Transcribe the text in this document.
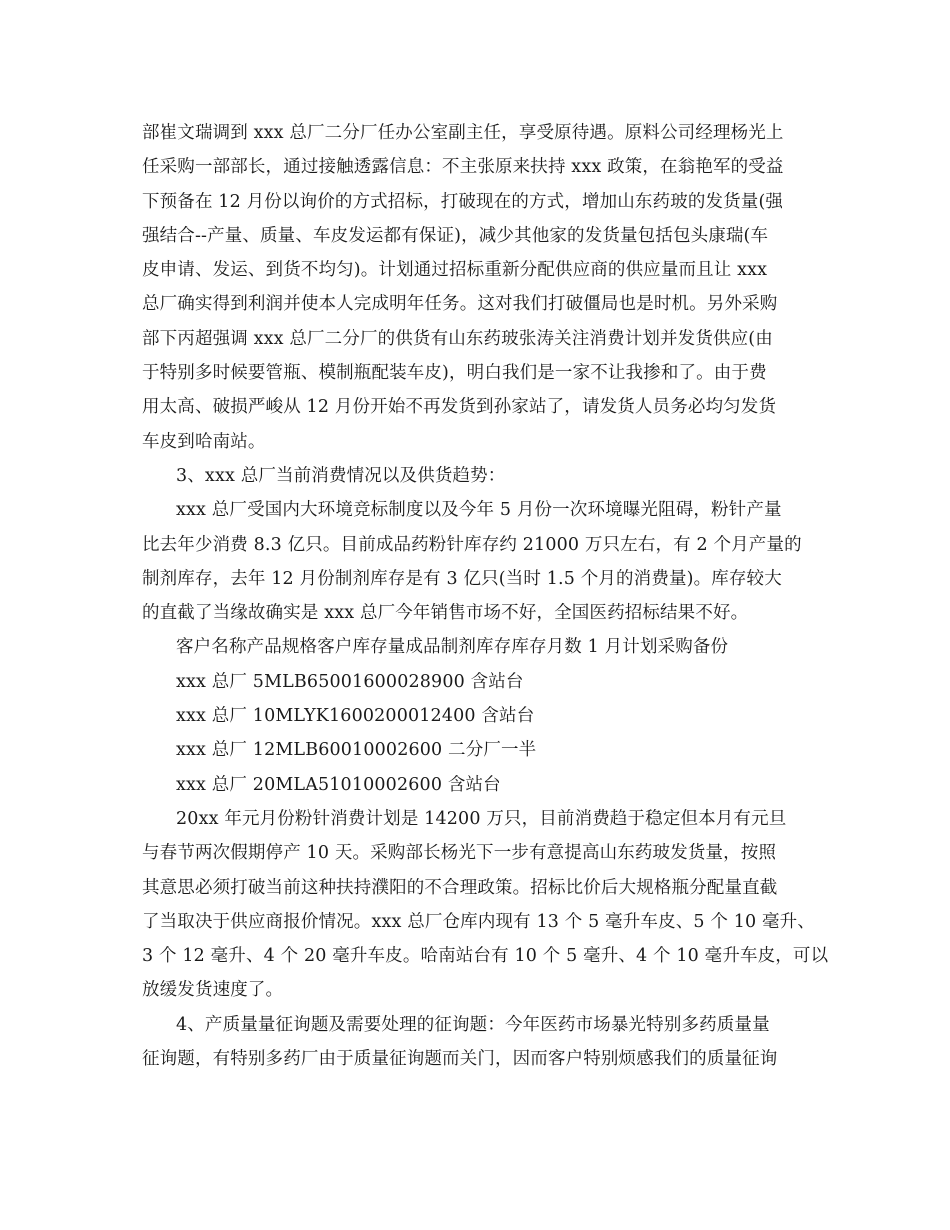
部崔文瑞调到 xxx 总厂二分厂任办公室副主任，享受原待遇。原料公司经理杨光上
任采购一部部长，通过接触透露信息：不主张原来扶持 xxx 政策，在翁艳军的受益
下预备在 12 月份以询价的方式招标，打破现在的方式，增加山东药玻的发货量(强
强结合--产量、质量、车皮发运都有保证)，减少其他家的发货量包括包头康瑞(车
皮申请、发运、到货不均匀)。计划通过招标重新分配供应商的供应量而且让 xxx
总厂确实得到利润并使本人完成明年任务。这对我们打破僵局也是时机。另外采购
部下丙超强调 xxx 总厂二分厂的供货有山东药玻张涛关注消费计划并发货供应(由
于特别多时候要管瓶、模制瓶配装车皮)，明白我们是一家不让我掺和了。由于费
用太高、破损严峻从 12 月份开始不再发货到孙家站了，请发货人员务必均匀发货
车皮到哈南站。
3、xxx 总厂当前消费情况以及供货趋势：
xxx 总厂受国内大环境竞标制度以及今年 5 月份一次环境曝光阻碍，粉针产量
比去年少消费 8.3 亿只。目前成品药粉针库存约 21000 万只左右，有 2 个月产量的
制剂库存，去年 12 月份制剂库存是有 3 亿只(当时 1.5 个月的消费量)。库存较大
的直截了当缘故确实是 xxx 总厂今年销售市场不好，全国医药招标结果不好。
客户名称产品规格客户库存量成品制剂库存库存月数 1 月计划采购备份
xxx 总厂 5MLB65001600028900 含站台
xxx 总厂 10MLYK1600200012400 含站台
xxx 总厂 12MLB60010002600 二分厂一半
xxx 总厂 20MLA51010002600 含站台
20xx 年元月份粉针消费计划是 14200 万只，目前消费趋于稳定但本月有元旦
与春节两次假期停产 10 天。采购部长杨光下一步有意提高山东药玻发货量，按照
其意思必须打破当前这种扶持濮阳的不合理政策。招标比价后大规格瓶分配量直截
了当取决于供应商报价情况。xxx 总厂仓库内现有 13 个 5 毫升车皮、5 个 10 毫升、
3 个 12 毫升、4 个 20 毫升车皮。哈南站台有 10 个 5 毫升、4 个 10 毫升车皮，可以
放缓发货速度了。
4、产质量量征询题及需要处理的征询题：今年医药市场暴光特别多药质量量
征询题，有特别多药厂由于质量征询题而关门，因而客户特别烦感我们的质量征询
